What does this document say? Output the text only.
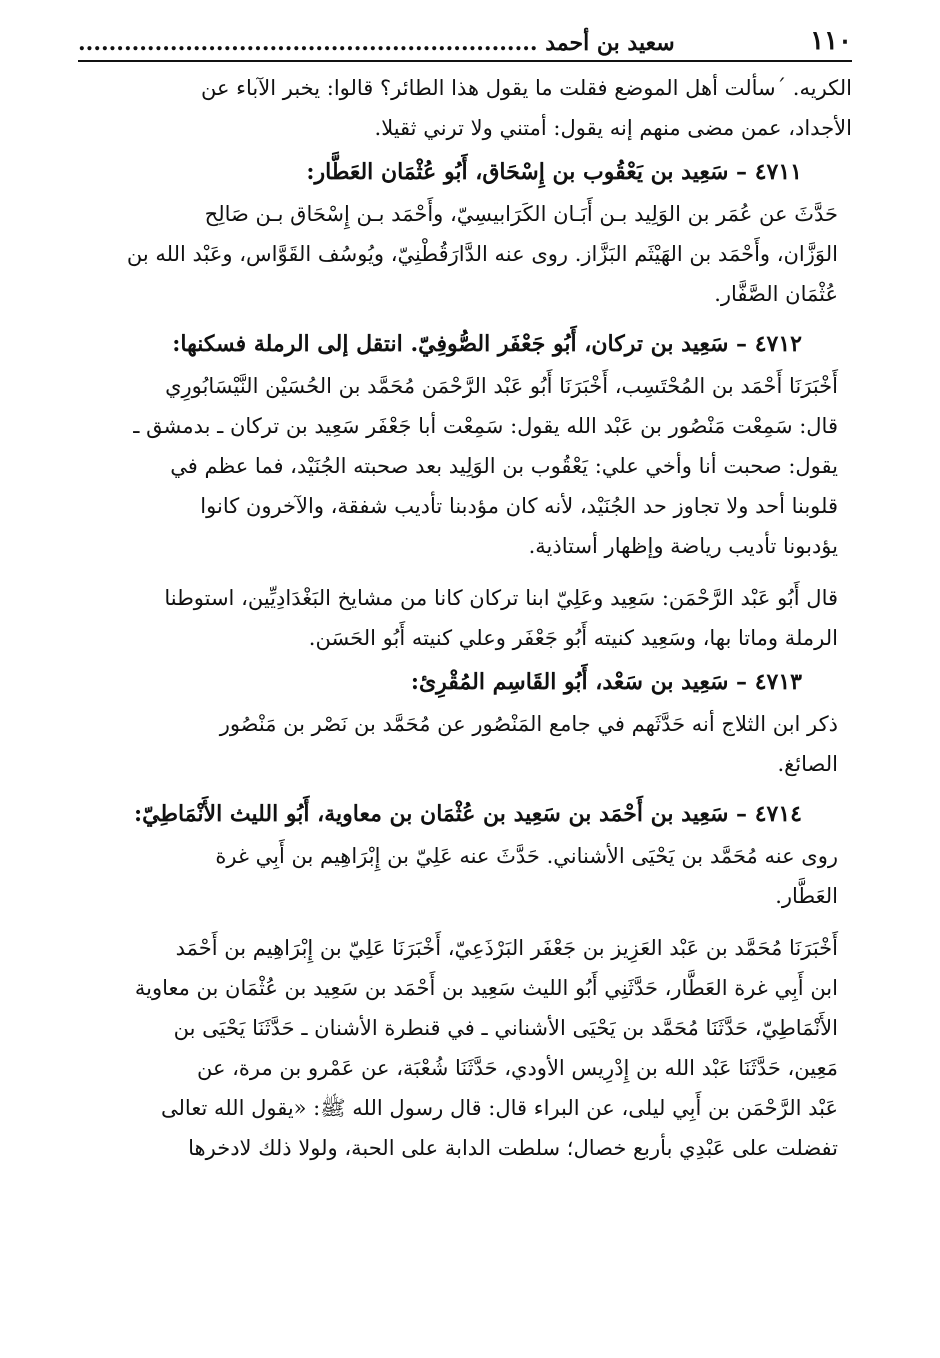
١١٠
سعيد بن أحمد ............................................................

الكريه. ´سألت أهل الموضع فقلت ما يقول هذا الطائر؟ قالوا: يخبر الآباء عن
الأجداد، عمن مضى منهم إنه يقول: أمتني ولا ترني ثقيلا.

٤٧١١ – سَعِيد بن يَعْقُوب بن إِسْحَاق، أَبُو عُثْمَان العَطَّار:

حَدَّثَ عن عُمَر بن الوَلِيد بـن أَبَـان الكَرَابيسِيّ، وأَحْمَد بـن إِسْحَاق بـن صَالِح
الوَزَّان، وأَحْمَد بن الهَيْثَم البَزَّاز. روى عنه الدَّارَقُطْنِيّ، ويُوسُف القَوَّاس، وعَبْد الله بن
عُثْمَان الصَّفَّار.

٤٧١٢ – سَعِيد بن تركان، أَبُو جَعْفَر الصُّوفِيّ. انتقل إلى الرملة فسكنها:

أَخْبَرَنَا أَحْمَد بن المُحْتَسِب، أَخْبَرَنَا أَبُو عَبْد الرَّحْمَن مُحَمَّد بن الحُسَيْن النَّيْسَابُورِي
قال: سَمِعْت مَنْصُور بن عَبْد الله يقول: سَمِعْت أبا جَعْفَر سَعِيد بن تركان ـ بدمشق ـ
يقول: صحبت أنا وأخي علي: يَعْقُوب بن الوَلِيد بعد صحبته الجُنَيْد، فما عظم في
قلوبنا أحد ولا تجاوز حد الجُنَيْد، لأنه كان مؤدبنا تأديب شفقة، والآخرون كانوا
يؤدبونا تأديب رياضة وإظهار أستاذية.

قال أَبُو عَبْد الرَّحْمَن: سَعِيد وعَلِيّ ابنا تركان كانا من مشايخ البَغْدَادِيِّين، استوطنا
الرملة وماتا بها، وسَعِيد كنيته أَبُو جَعْفَر وعلي كنيته أَبُو الحَسَن.

٤٧١٣ – سَعِيد بن سَعْد، أَبُو القَاسِم المُقْرِئ:

ذكر ابن الثلاج أنه حَدَّثَهم في جامع المَنْصُور عن مُحَمَّد بن نَصْر بن مَنْصُور
الصائغ.

٤٧١٤ – سَعِيد بن أَحْمَد بن سَعِيد بن عُثْمَان بن معاوية، أَبُو الليث الأَنْمَاطِيّ:

روى عنه مُحَمَّد بن يَحْيَى الأشناني. حَدَّثَ عنه عَلِيّ بن إِبْرَاهِيم بن أَبِي غرة
العَطَّار.

أَخْبَرَنَا مُحَمَّد بن عَبْد العَزِيز بن جَعْفَر البَرْذَعِيّ، أَخْبَرَنَا عَلِيّ بن إِبْرَاهِيم بن أَحْمَد
ابن أَبِي غرة العَطَّار، حَدَّثَنِي أَبُو الليث سَعِيد بن أَحْمَد بن سَعِيد بن عُثْمَان بن معاوية
الأَنْمَاطِيّ، حَدَّثَنَا مُحَمَّد بن يَحْيَى الأشناني ـ في قنطرة الأشنان ـ حَدَّثَنَا يَحْيَى بن
مَعِين، حَدَّثَنَا عَبْد الله بن إِدْرِيس الأودي، حَدَّثَنَا شُعْبَة، عن عَمْرو بن مرة، عن
عَبْد الرَّحْمَن بن أَبِي ليلى، عن البراء قال: قال رسول الله ﷺ: «يقول الله تعالى
تفضلت على عَبْدِي بأربع خصال؛ سلطت الدابة على الحبة، ولولا ذلك لادخرها
